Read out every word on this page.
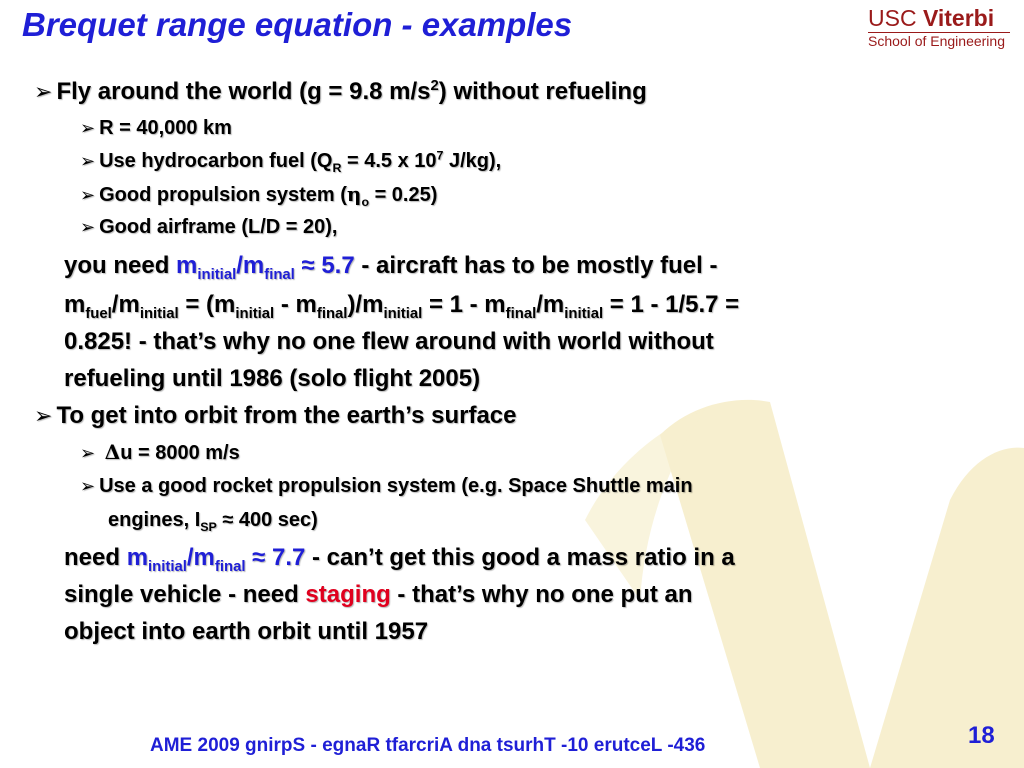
Brequet range equation - examples	USC Viterbi
School of Engineering
➢ Fly around the world (g = 9.8 $m/s^2$) without refueling
➢ R = 40,000 km
➢ Use hydrocarbon fuel ($Q_R = 4.5$ x $10^7$ J/kg),
➢ Good propulsion system $(\eta_o = 0.25)$
➢ Good airframe (L/D = 20),
you need $m_{initial}/m_{final} \approx 5.7$ - aircraft has to be mostly fuel -
$m_{fuel}/m_{initial} = (m_{initial} - m_{final})/m_{initial} = 1 - m_{final}/m_{initial} = 1 - 1/5.7$ =
0.825! - that’s why no one flew around with world without
refueling until 1986 (solo flight 2005)
➢ To get into orbit from the earth’s surface
➢ Δu = 8000 m/s
➢ Use a good rocket propulsion system (e.g. Space Shuttle main
engines, $I_{SP} \approx 400$ sec)
need $m_{initial}/m_{final} \approx 7.7$ - can’t get this good a mass ratio in a
single vehicle - need staging - that’s why no one put an
object into earth orbit until 1957
AME 2009 gnirpS - egnaR tfarcriA dna tsurhT -10 erutceL -436	18
